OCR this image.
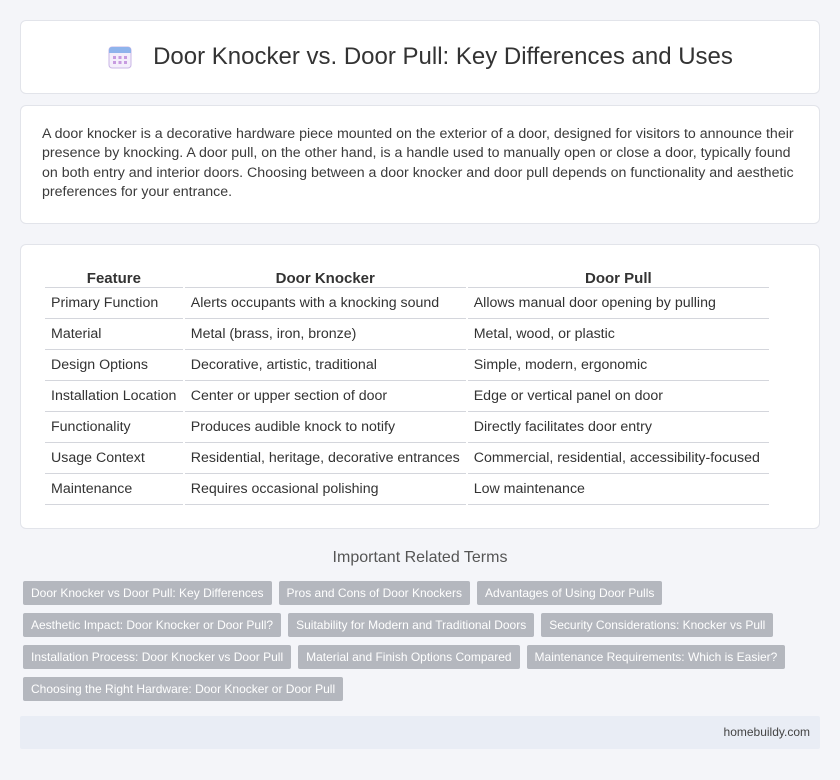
Door Knocker vs. Door Pull: Key Differences and Uses

A door knocker is a decorative hardware piece mounted on the exterior of a door, designed for visitors to announce their presence by knocking. A door pull, on the other hand, is a handle used to manually open or close a door, typically found on both entry and interior doors. Choosing between a door knocker and door pull depends on functionality and aesthetic preferences for your entrance.

Feature	Door Knocker	Door Pull
Primary Function	Alerts occupants with a knocking sound	Allows manual door opening by pulling
Material	Metal (brass, iron, bronze)	Metal, wood, or plastic
Design Options	Decorative, artistic, traditional	Simple, modern, ergonomic
Installation Location	Center or upper section of door	Edge or vertical panel on door
Functionality	Produces audible knock to notify	Directly facilitates door entry
Usage Context	Residential, heritage, decorative entrances	Commercial, residential, accessibility-focused
Maintenance	Requires occasional polishing	Low maintenance
Important Related Terms
Door Knocker vs Door Pull: Key Differences	Pros and Cons of Door Knockers	Advantages of Using Door Pulls
Aesthetic Impact: Door Knocker or Door Pull?	Suitability for Modern and Traditional Doors	Security Considerations: Knocker vs Pull
Installation Process: Door Knocker vs Door Pull	Material and Finish Options Compared	Maintenance Requirements: Which is Easier?
Choosing the Right Hardware: Door Knocker or Door Pull
homebuildy.com
